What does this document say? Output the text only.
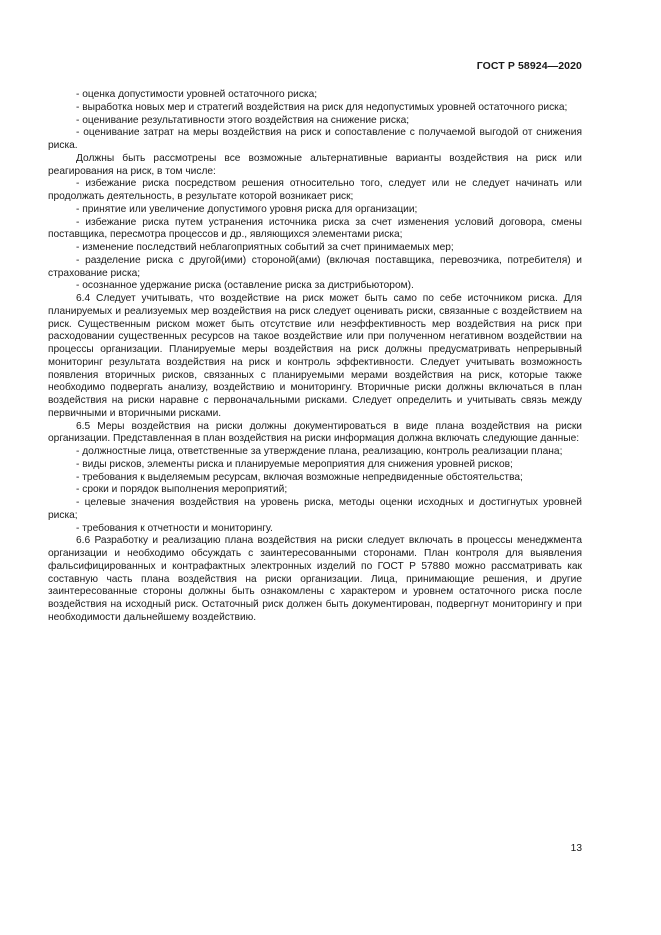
ГОСТ Р 58924—2020

- оценка допустимости уровней остаточного риска;

- выработка новых мер и стратегий воздействия на риск для недопустимых уровней остаточного риска;

- оценивание результативности этого воздействия на снижение риска;

- оценивание затрат на меры воздействия на риск и сопоставление с получаемой выгодой от снижения риска.

Должны быть рассмотрены все возможные альтернативные варианты воздействия на риск или реагирования на риск, в том числе:

- избежание риска посредством решения относительно того, следует или не следует начинать или продолжать деятельность, в результате которой возникает риск;

- принятие или увеличение допустимого уровня риска для организации;

- избежание риска путем устранения источника риска за счет изменения условий договора, смены поставщика, пересмотра процессов и др., являющихся элементами риска;

- изменение последствий неблагоприятных событий за счет принимаемых мер;

- разделение риска с другой(ими) стороной(ами) (включая поставщика, перевозчика, потребителя) и страхование риска;

- осознанное удержание риска (оставление риска за дистрибьютором).

6.4 Следует учитывать, что воздействие на риск может быть само по себе источником риска. Для планируемых и реализуемых мер воздействия на риск следует оценивать риски, связанные с воздействием на риск. Существенным риском может быть отсутствие или неэффективность мер воздействия на риск при расходовании существенных ресурсов на такое воздействие или при полученном негативном воздействии на процессы организации. Планируемые меры воздействия на риск должны предусматривать непрерывный мониторинг результата воздействия на риск и контроль эффективности. Следует учитывать возможность появления вторичных рисков, связанных с планируемыми мерами воздействия на риск, которые также необходимо подвергать анализу, воздействию и мониторингу. Вторичные риски должны включаться в план воздействия на риски наравне с первоначальными рисками. Следует определить и учитывать связь между первичными и вторичными рисками.

6.5 Меры воздействия на риски должны документироваться в виде плана воздействия на риски организации. Представленная в план воздействия на риски информация должна включать следующие данные:

- должностные лица, ответственные за утверждение плана, реализацию, контроль реализации плана;

- виды рисков, элементы риска и планируемые мероприятия для снижения уровней рисков;

- требования к выделяемым ресурсам, включая возможные непредвиденные обстоятельства;

- сроки и порядок выполнения мероприятий;

- целевые значения воздействия на уровень риска, методы оценки исходных и достигнутых уровней риска;

- требования к отчетности и мониторингу.

6.6 Разработку и реализацию плана воздействия на риски следует включать в процессы менеджмента организации и необходимо обсуждать с заинтересованными сторонами. План контроля для выявления фальсифицированных и контрафактных электронных изделий по ГОСТ Р 57880 можно рассматривать как составную часть плана воздействия на риски организации. Лица, принимающие решения, и другие заинтересованные стороны должны быть ознакомлены с характером и уровнем остаточного риска после воздействия на исходный риск. Остаточный риск должен быть документирован, подвергнут мониторингу и при необходимости дальнейшему воздействию.

13
